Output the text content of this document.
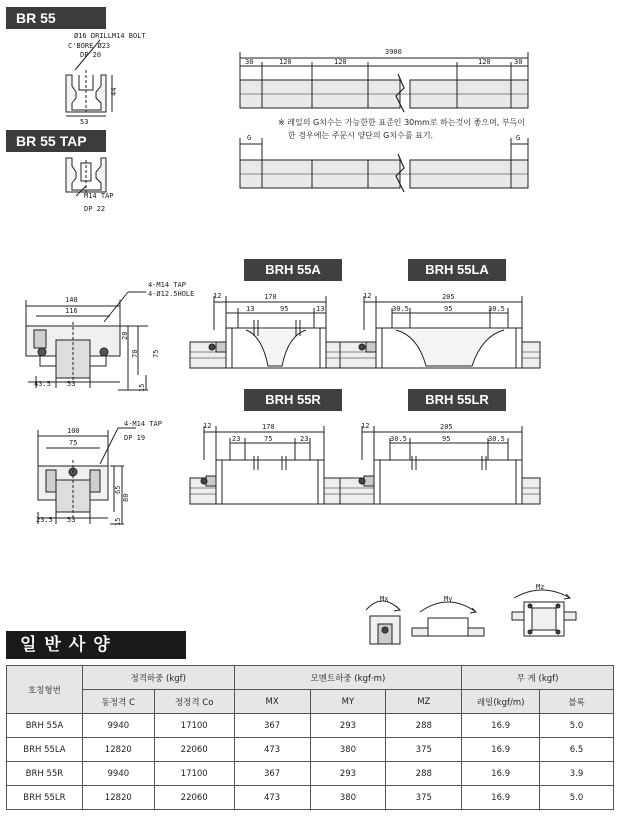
BR 55
Ø16 DRILLM14 BOLT
C'BORE Ø23
DP 20
44
53
M14 TAP
DP 22
3900
30	120	120	120	30
G	G
140
116
4-M14 TAP
4-Ø12.5HOLE
20
70 75
15
43.5 53
100
75
4-M14 TAP
DP 19
65
80
15
23.5 53
12	170
13	95	13
12	205
30.5	95	30.5
12	170
23	75	23
12	205
30.5	95	30.5
Mx	My
Mz
BR 55 TAP
※ 레일의 G치수는 가능한한 표준인 30mm로 하는것이 좋으며, 부득이
한 경우에는 주문시 양단의 G치수를 표기.
BRH 55A	BRH 55LA
BRH 55R	BRH 55LR
일반사양
호칭형번	정격하중 (kgf)		모멘트하중 (kgf·m)			무 게 (kgf)	
	동정격 C	정정격 Co	MX	MY	MZ	레일(kgf/m)	블록
BRH 55A	9940	17100	367	293	288	16.9	5.0
BRH 55LA	12820	22060	473	380	375	16.9	6.5
BRH 55R	9940	17100	367	293	288	16.9	3.9
BRH 55LR	12820	22060	473	380	375	16.9	5.0
